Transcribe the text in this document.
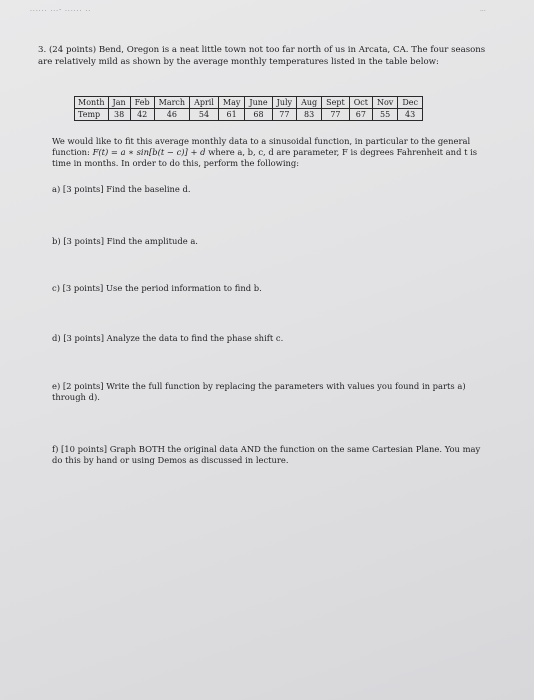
...... ...- ...... ..	...
3. (24 points) Bend, Oregon is a neat little town not too far north of us in Arcata, CA. The four seasons are relatively mild as shown by the average monthly temperatures listed in the table below:
Month	Jan	Feb	March	April	May	June	July	Aug	Sept	Oct	Nov	Dec
Temp	38	42	46	54	61	68	77	83	77	67	55	43
We would like to fit this average monthly data to a sinusoidal function, in particular to the general function: F(t) = a ∗ sin[b(t − c)] + d where a, b, c, d are parameter, F is degrees Fahrenheit and t is time in months. In order to do this, perform the following:
a) [3 points] Find the baseline d.
b) [3 points] Find the amplitude a.
c) [3 points] Use the period information to find b.
d) [3 points] Analyze the data to find the phase shift c.
e) [2 points] Write the full function by replacing the parameters with values you found in parts a) through d).
f) [10 points] Graph BOTH the original data AND the function on the same Cartesian Plane. You may do this by hand or using Demos as discussed in lecture.
